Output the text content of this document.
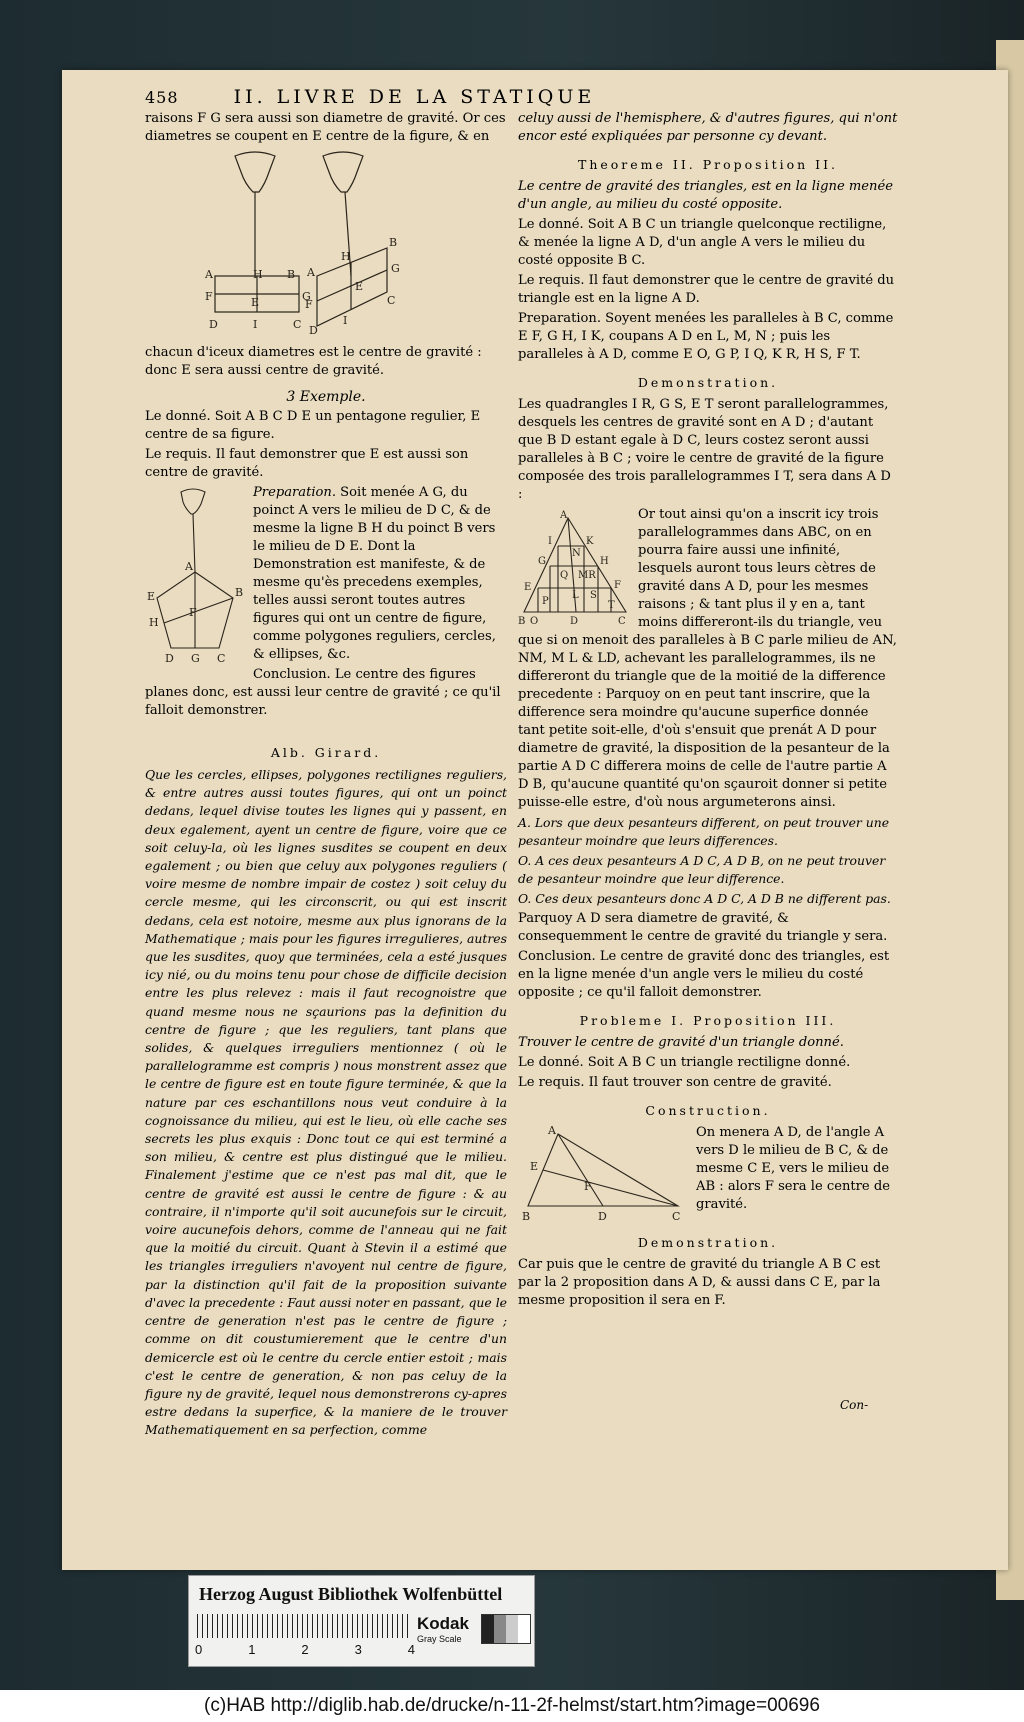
458	II. LIVRE DE LA STATIQUE

raisons F G sera aussi son diametre de gravité. Or ces diametres se coupent en E centre de la figure, & en

A	H B
F	E	G
D	I	C
B
H
A	G
E
F	C
D
I

chacun d'iceux diametres est le centre de gravité : donc E sera aussi centre de gravité.

3 Exemple.

Le donné. Soit A B C D E un pentagone regulier, E centre de sa figure.

Le requis. Il faut demonstrer que E est aussi son centre de gravité.

A
B
E
F
H
D G C

Preparation. Soit menée A G, du poinct A vers le milieu de D C, & de mesme la ligne B H du poinct B vers le milieu de D E. Dont la Demonstration est manifeste, & de mesme qu'ès precedens exemples, telles aussi seront toutes autres figures qui ont un centre de figure, comme polygones reguliers, cercles, & ellipses, &c.

Conclusion. Le centre des figures planes donc, est aussi leur centre de gravité ; ce qu'il falloit demonstrer.

Alb. Girard.

Que les cercles, ellipses, polygones rectilignes reguliers, & entre autres aussi toutes figures, qui ont un poinct dedans, lequel divise toutes les lignes qui y passent, en deux egalement, ayent un centre de figure, voire que ce soit celuy-la, où les lignes susdites se coupent en deux egalement ; ou bien que celuy aux polygones reguliers ( voire mesme de nombre impair de costez ) soit celuy du cercle mesme, qui les circonscrit, ou qui est inscrit dedans, cela est notoire, mesme aux plus ignorans de la Mathematique ; mais pour les figures irregulieres, autres que les susdites, quoy que terminées, cela a esté jusques icy nié, ou du moins tenu pour chose de difficile decision entre les plus relevez : mais il faut recognoistre que quand mesme nous ne sçaurions pas la definition du centre de figure ; que les reguliers, tant plans que solides, & quelques irreguliers mentionnez ( où le parallelogramme est compris ) nous monstrent assez que le centre de figure est en toute figure terminée, & que la nature par ces eschantillons nous veut conduire à la cognoissance du milieu, qui est le lieu, où elle cache ses secrets les plus exquis : Donc tout ce qui est terminé a son milieu, & centre est plus distingué que le milieu. Finalement j'estime que ce n'est pas mal dit, que le centre de gravité est aussi le centre de figure : & au contraire, il n'importe qu'il soit aucunefois sur le circuit, voire aucunefois dehors, comme de l'anneau qui ne fait que la moitié du circuit. Quant à Stevin il a estimé que les triangles irreguliers n'avoyent nul centre de figure, par la distinction qu'il fait de la proposition suivante d'avec la precedente : Faut aussi noter en passant, que le centre de generation n'est pas le centre de figure ; comme on dit coustumierement que le centre d'un demicercle est où le centre du cercle entier estoit ; mais c'est le centre de generation, & non pas celuy de la figure ny de gravité, lequel nous demonstrerons cy-apres estre dedans la superfice, & la maniere de le trouver Mathematiquement en sa perfection, comme

celuy aussi de l'hemisphere, & d'autres figures, qui n'ont encor esté expliquées par personne cy devant.

Theoreme II. Proposition II.

Le centre de gravité des triangles, est en la ligne menée d'un angle, au milieu du costé opposite.

Le donné. Soit A B C un triangle quelconque rectiligne, & menée la ligne A D, d'un angle A vers le milieu du costé opposite B C.

Le requis. Il faut demonstrer que le centre de gravité du triangle est en la ligne A D.

Preparation. Soyent menées les paralleles à B C, comme E F, G H, I K, coupans A D en L, M, N ; puis les paralleles à A D, comme E O, G P, I Q, K R, H S, F T.

Demonstration.

Les quadrangles I R, G S, E T seront parallelogrammes, desquels les centres de gravité sont en A D ; d'autant que B D estant egale à D C, leurs costez seront aussi paralleles à B C ; voire le centre de gravité de la figure composée des trois parallelogrammes I T, sera dans A D :

A
I	K
G
N
H
Q MR
E
L S
F
P
B O	D
T
C

Or tout ainsi qu'on a inscrit icy trois parallelogrammes dans ABC, on en pourra faire aussi une infinité, lesquels auront tous leurs cètres de gravité dans A D, pour les mesmes raisons ; & tant plus il y en a, tant moins differeront-ils du triangle, veu que si on menoit des paralleles à B C parle milieu de AN, NM, M L & LD, achevant les parallelogrammes, ils ne differeront du triangle que de la moitié de la difference precedente : Parquoy on en peut tant inscrire, que la difference sera moindre qu'aucune superfice donnée tant petite soit-elle, d'où s'ensuit que prenát A D pour diametre de gravité, la disposition de la pesanteur de la partie A D C differera moins de celle de l'autre partie A D B, qu'aucune quantité qu'on sçauroit donner si petite puisse-elle estre, d'où nous argumeterons ainsi.

A. Lors que deux pesanteurs different, on peut trouver une pesanteur moindre que leurs differences.

O. A ces deux pesanteurs A D C, A D B, on ne peut trouver de pesanteur moindre que leur difference.

O. Ces deux pesanteurs donc A D C, A D B ne different pas.

Parquoy A D sera diametre de gravité, & consequemment le centre de gravité du triangle y sera.

Conclusion. Le centre de gravité donc des triangles, est en la ligne menée d'un angle vers le milieu du costé opposite ; ce qu'il falloit demonstrer.

Probleme I. Proposition III.

Trouver le centre de gravité d'un triangle donné.

Le donné. Soit A B C un triangle rectiligne donné.

Le requis. Il faut trouver son centre de gravité.

Construction.

A
E
F
B	D	C

On menera A D, de l'angle A vers D le milieu de B C, & de mesme C E, vers le milieu de AB : alors F sera le centre de gravité.

Demonstration.

Car puis que le centre de gravité du triangle A B C est par la 2 proposition dans A D, & aussi dans C E, par la mesme proposition il sera en F.

Con-
Herzog August Bibliothek Wolfenbüttel
0	1	2	3	4
Kodak
Gray Scale
(c)HAB http://diglib.hab.de/drucke/n-11-2f-helmst/start.htm?image=00696
